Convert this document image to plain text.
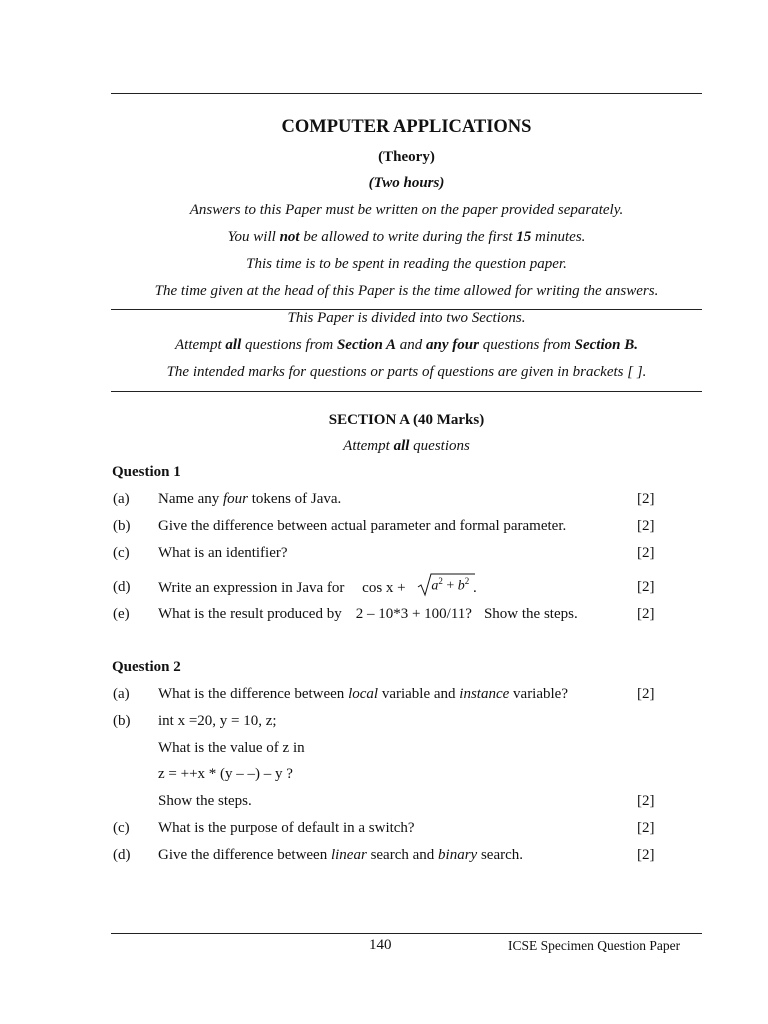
COMPUTER APPLICATIONS
(Theory)
(Two hours)
Answers to this Paper must be written on the paper provided separately.
You will not be allowed to write during the first 15 minutes.
This time is to be spent in reading the question paper.
The time given at the head of this Paper is the time allowed for writing the answers.
This Paper is divided into two Sections.
Attempt all questions from Section A and any four questions from Section B.
The intended marks for questions or parts of questions are given in brackets [ ].
SECTION A (40 Marks)
Attempt all questions
Question 1
(a) Name any four tokens of Java.	[2]
(b) Give the difference between actual parameter and formal parameter.	[2]
(c) What is an identifier?	[2]
(d) Write an expression in Java for $\cos x + a^2 + b^2$ .	[2]
(e) What is the result produced by 2 – 10*3 + 100/11? Show the steps.	[2]
Question 2
(a) What is the difference between local variable and instance variable?	[2]
(b) int x =20, y = 10, z;
What is the value of z in
z = ++x * (y – –) – y ?
Show the steps.	[2]
(c) What is the purpose of default in a switch?	[2]
(d) Give the difference between linear search and binary search.	[2]
140	ICSE Specimen Question Paper
